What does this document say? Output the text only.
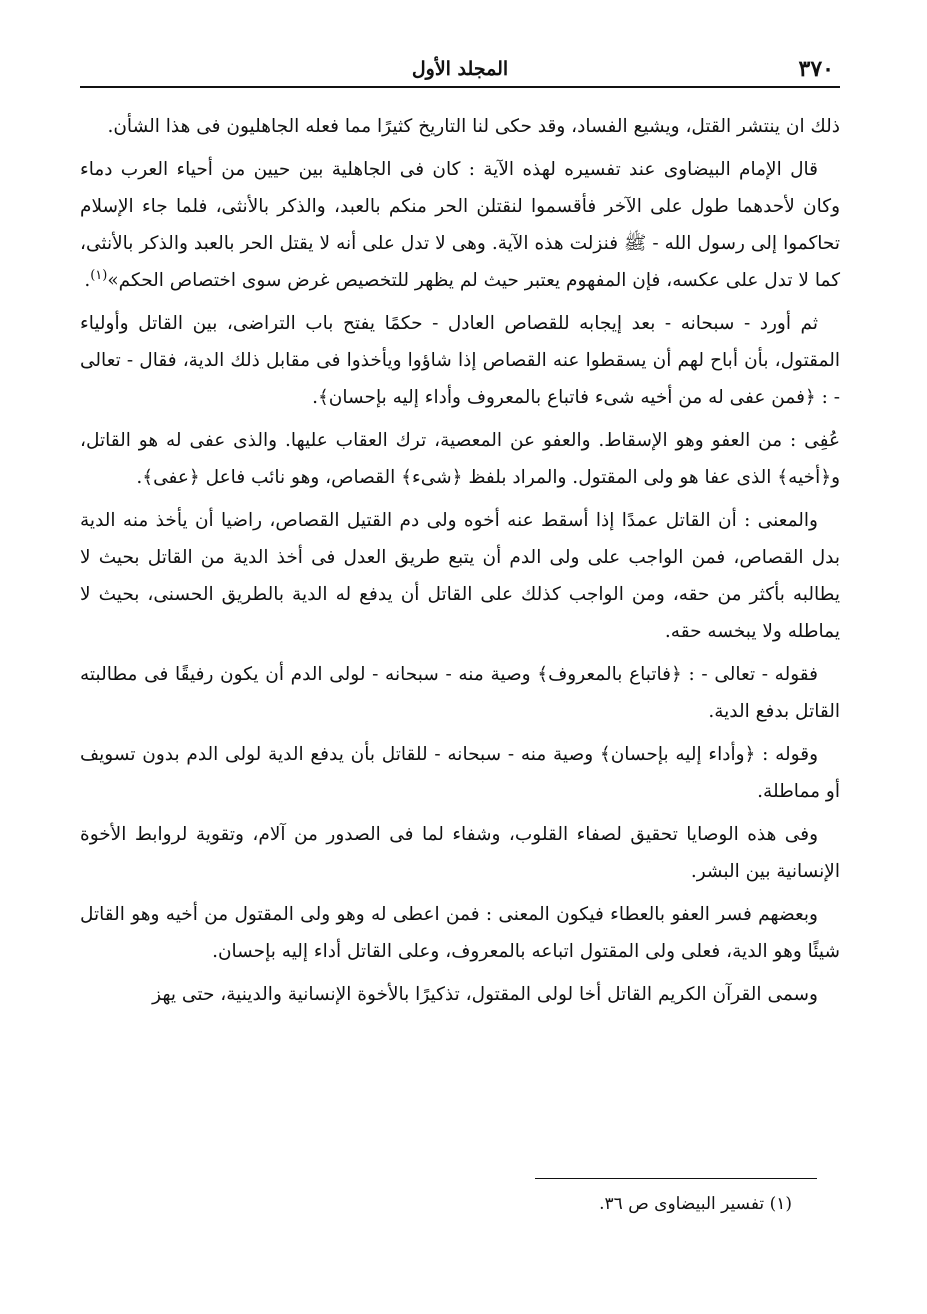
٣٧٠
المجلد الأول

ذلك ان ينتشر القتل، ويشيع الفساد، وقد حكى لنا التاريخ كثيرًا مما فعله الجاهليون فى هذا الشأن.

قال الإمام البيضاوى عند تفسيره لهذه الآية : كان فى الجاهلية بين حيين من أحياء العرب دماء وكان لأحدهما طول على الآخر فأقسموا لنقتلن الحر منكم بالعبد، والذكر بالأنثى، فلما جاء الإسلام تحاكموا إلى رسول الله - ﷺ فنزلت هذه الآية. وهى لا تدل على أنه لا يقتل الحر بالعبد والذكر بالأنثى، كما لا تدل على عكسه، فإن المفهوم يعتبر حيث لم يظهر للتخصيص غرض سوى اختصاص الحكم»$^{(١)}$.

ثم أورد - سبحانه - بعد إيجابه للقصاص العادل - حكمًا يفتح باب التراضى، بين القاتل وأولياء المقتول، بأن أباح لهم أن يسقطوا عنه القصاص إذا شاؤوا ويأخذوا فى مقابل ذلك الدية، فقال - تعالى - : ﴿فمن عفى له من أخيه شىء فاتباع بالمعروف وأداء إليه بإحسان﴾.

عُفِى : من العفو وهو الإسقاط. والعفو عن المعصية، ترك العقاب عليها. والذى عفى له هو القاتل، و﴿أخيه﴾ الذى عفا هو ولى المقتول. والمراد بلفظ ﴿شىء﴾ القصاص، وهو نائب فاعل ﴿عفى﴾.

والمعنى : أن القاتل عمدًا إذا أسقط عنه أخوه ولى دم القتيل القصاص، راضيا أن يأخذ منه الدية بدل القصاص، فمن الواجب على ولى الدم أن يتبع طريق العدل فى أخذ الدية من القاتل بحيث لا يطالبه بأكثر من حقه، ومن الواجب كذلك على القاتل أن يدفع له الدية بالطريق الحسنى، بحيث لا يماطله ولا يبخسه حقه.

فقوله - تعالى - : ﴿فاتباع بالمعروف﴾ وصية منه - سبحانه - لولى الدم أن يكون رفيقًا فى مطالبته القاتل بدفع الدية.

وقوله : ﴿وأداء إليه بإحسان﴾ وصية منه - سبحانه - للقاتل بأن يدفع الدية لولى الدم بدون تسويف أو مماطلة.

وفى هذه الوصايا تحقيق لصفاء القلوب، وشفاء لما فى الصدور من آلام، وتقوية لروابط الأخوة الإنسانية بين البشر.

وبعضهم فسر العفو بالعطاء فيكون المعنى : فمن اعطى له وهو ولى المقتول من أخيه وهو القاتل شيئًا وهو الدية، فعلى ولى المقتول اتباعه بالمعروف، وعلى القاتل أداء إليه بإحسان.

وسمى القرآن الكريم القاتل أخا لولى المقتول، تذكيرًا بالأخوة الإنسانية والدينية، حتى يهز

(١) تفسير البيضاوى ص ٣٦.
